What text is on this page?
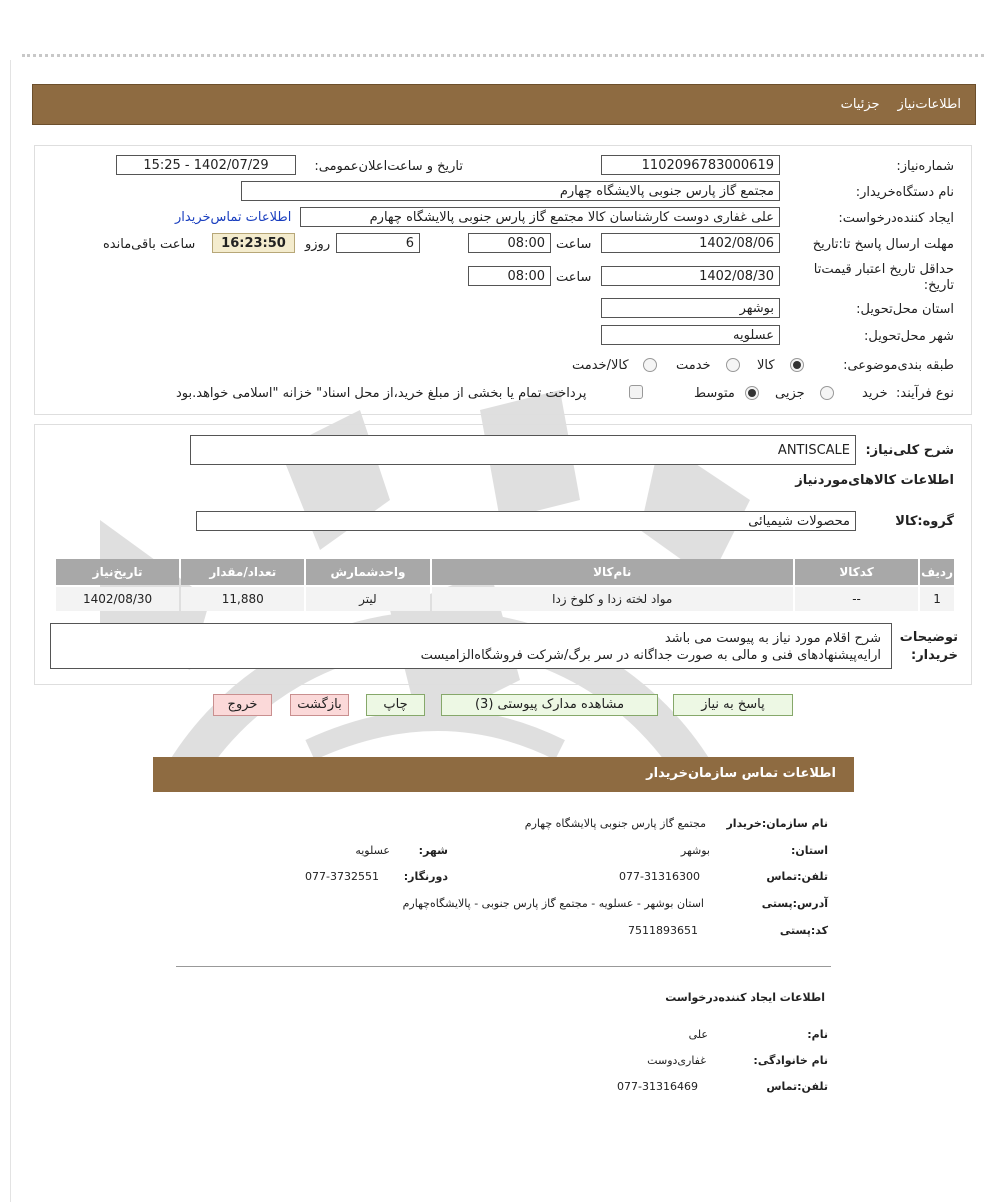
اطلاعات‌نیازجزئیات
شماره‌نیاز:
1102096783000619
تاریخ و ساعت‌اعلان‌عمومی:
1402/07/29 - 15:25
نام دستگاه‌خریدار:
مجتمع گاز پارس جنوبی پالایشگاه چهارم
ایجاد کننده‌درخواست:
علی غفاری دوست کارشناسان کالا مجتمع گاز پارس جنوبی پالایشگاه چهارم
اطلاعات تماس‌خریدار
مهلت ارسال پاسخ تا:تاریخ
1402/08/06
ساعت
08:00
6
روزو
16:23:50
ساعت باقی‌مانده
حداقل تاریخ اعتبار قیمت‌تا
تاریخ:
1402/08/30
ساعت
08:00
استان محل‌تحویل:
بوشهر
شهر محل‌تحویل:
عسلویه
طبقه بندی‌موضوعی:
کالا
خدمت
کالا/خدمت
نوع فرآیند:
خرید
جزیی
متوسط
پرداخت تمام یا بخشی از مبلغ خرید،از محل اسناد" خزانه "اسلامی خواهد.بود
شرح کلی‌نیاز:
ANTISCALE
اطلاعات کالاهای‌موردنیاز
گروه:کالا
محصولات شیمیائی
ردیف	کدکالا	نام‌کالا	واحدشمارش	تعداد/مقدار	تاریخ‌نیاز
1	--	مواد لخته زدا و کلوخ زدا	لیتر	11,880	1402/08/30
توضیحات
خریدار:
شرح اقلام مورد نیاز به پیوست می باشد
ارایه‌پیشنهادهای فنی و مالی به صورت جداگانه در سر برگ/شرکت فروشگاه‌الزامیست
پاسخ به نیاز
مشاهده مدارک پیوستی (3)
چاپ
بازگشت
خروج
اطلاعات تماس سازمان‌خریدار
نام سازمان:خریدار
مجتمع گاز پارس جنوبی پالایشگاه چهارم
استان:
بوشهر
شهر:
عسلویه
تلفن:تماس
077-31316300
دورنگار:
077-3732551
آدرس:پستی
استان بوشهر - عسلویه - مجتمع گاز پارس جنوبی - پالایشگاه‌چهارم
کد:پستی
7511893651
اطلاعات ایجاد کننده‌درخواست
نام:
علی
نام خانوادگی:
غفاری‌دوست
تلفن:تماس
077-31316469
